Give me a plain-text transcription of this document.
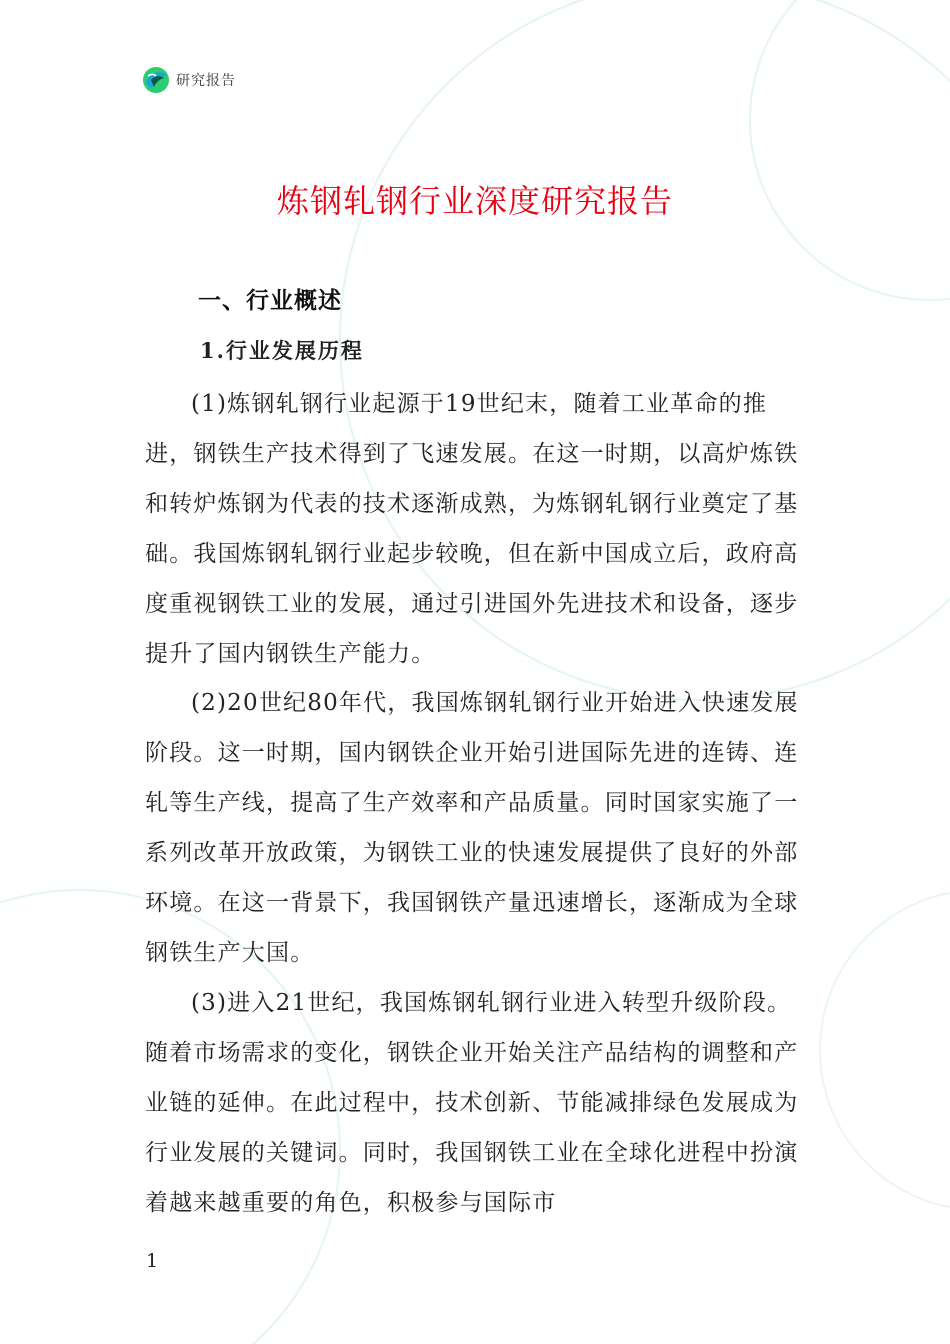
研究报告
炼钢轧钢行业深度研究报告
一、行业概述
1.行业发展历程

(1)炼钢轧钢行业起源于19世纪末，随着工业革命的推进，钢铁生产技术得到了飞速发展。在这一时期，以高炉炼铁和转炉炼钢为代表的技术逐渐成熟，为炼钢轧钢行业奠定了基础。我国炼钢轧钢行业起步较晚，但在新中国成立后，政府高度重视钢铁工业的发展，通过引进国外先进技术和设备，逐步提升了国内钢铁生产能力。

(2)20世纪80年代，我国炼钢轧钢行业开始进入快速发展阶段。这一时期，国内钢铁企业开始引进国际先进的连铸、连轧等生产线，提高了生产效率和产品质量。同时国家实施了一系列改革开放政策，为钢铁工业的快速发展提供了良好的外部环境。在这一背景下，我国钢铁产量迅速增长，逐渐成为全球钢铁生产大国。

(3)进入21世纪，我国炼钢轧钢行业进入转型升级阶段。随着市场需求的变化，钢铁企业开始关注产品结构的调整和产业链的延伸。在此过程中，技术创新、节能减排绿色发展成为行业发展的关键词。同时，我国钢铁工业在全球化进程中扮演着越来越重要的角色，积极参与国际市

1
